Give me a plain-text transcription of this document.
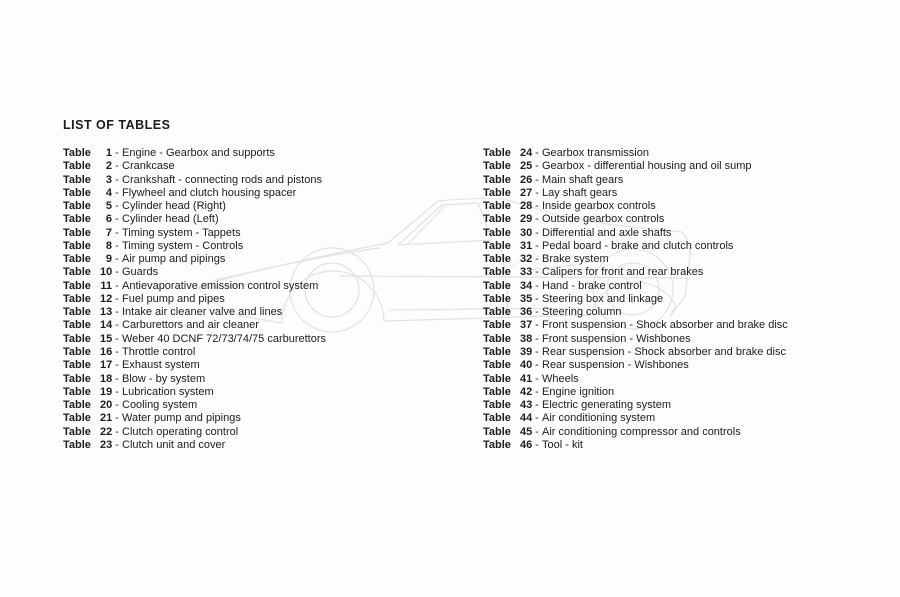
LIST OF TABLES
Table	1 - Engine - Gearbox and supports
Table	2 - Crankcase
Table	3 - Crankshaft - connecting rods and pistons
Table	4 - Flywheel and clutch housing spacer
Table	5 - Cylinder head (Right)
Table	6 - Cylinder head (Left)
Table	7 - Timing system - Tappets
Table	8 - Timing system - Controls
Table	9 - Air pump and pipings
Table 10 - Guards
Table 11 - Antievaporative emission control system
Table 12 - Fuel pump and pipes
Table 13 - Intake air cleaner valve and lines
Table 14 - Carburettors and air cleaner
Table 15 - Weber 40 DCNF 72/73/74/75 carburettors
Table 16 - Throttle control
Table 17 - Exhaust system
Table 18 - Blow - by system
Table 19 - Lubrication system
Table 20 - Cooling system
Table 21 - Water pump and pipings
Table 22 - Clutch operating control
Table 23 - Clutch unit and cover
Table 24 - Gearbox transmission
Table 25 - Gearbox - differential housing and oil sump
Table 26 - Main shaft gears
Table 27 - Lay shaft gears
Table 28 - Inside gearbox controls
Table 29 - Outside gearbox controls
Table 30 - Differential and axle shafts
Table 31 - Pedal board - brake and clutch controls
Table 32 - Brake system
Table 33 - Calipers for front and rear brakes
Table 34 - Hand - brake control
Table 35 - Steering box and linkage
Table 36 - Steering column
Table 37 - Front suspension - Shock absorber and brake disc
Table 38 - Front suspension - Wishbones
Table 39 - Rear suspension - Shock absorber and brake disc
Table 40 - Rear suspension - Wishbones
Table 41 - Wheels
Table 42 - Engine ignition
Table 43 - Electric generating system
Table 44 - Air conditioning system
Table 45 - Air conditioning compressor and controls
Table 46 - Tool - kit
